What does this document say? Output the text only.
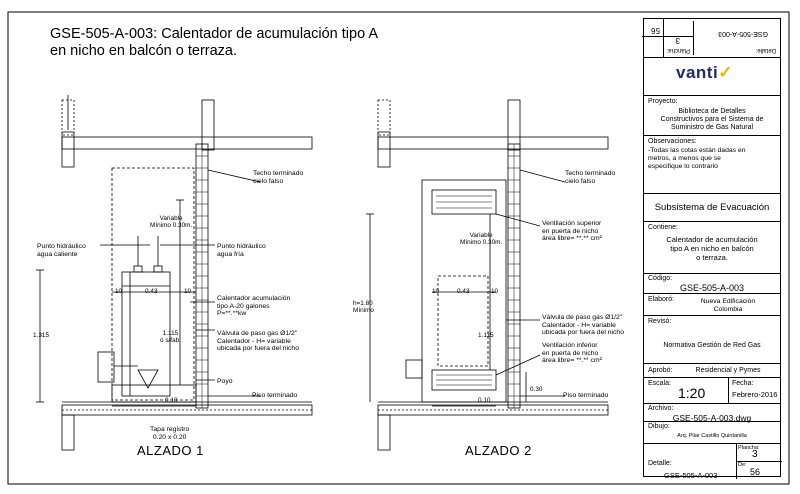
GSE-505-A-003: Calentador de acumulación tipo A en nicho en balcón o terraza.
Techo terminado
cielo falso
Variable
Mínimo 0.30m.
Punto hidráulico
agua caliente
Punto hidráulico
agua fría
10	0.43	10
Calentador acumulación
tipo A-20 galones
P=**.**kw
Válvula de paso gas Ø1/2"
Calentador - H= variable
ubicada por fuera del nicho
1.115
ó s/fab.
1.315
Poyo
Piso terminado
0.10
Tapa registro
0.20 x 0.20
ALZADO 1
Techo terminado
cielo falso
Ventilación superior
en puerta de nicho
área libre= **.** cm²
Variable
Mínimo 0.30m.
h=1.80
Mínimo
10	0.43	10
Válvula de paso gas Ø1/2"
Calentador - H= variable
ubicada por fuera del nicho
1.115
Ventilación inferior
en puerta de nicho
área libre= **.** cm²
0.30
Piso terminado
0.10
ALZADO 2
56
Plancha:
3
Detalle:
GSE-505-A-003
Proyecto:
Biblioteca de Detalles
Constructivos para el Sistema de
Suministro de Gas Natural
Observaciones:
-Todas las cotas están dadas en
metros, a menos que se
especifique lo contrario
Subsistema de Evacuación
Contiene:
Calentador de acumulación
tipo A en nicho en balcón
o terraza.
Código:
GSE-505-A-003
Elaboró:	Nueva Edificación
Colombia
Revisó:
Normativa Gestión de Red Gas
Aprobó:	Residencial y Pymes
Escala:
1:20
Fecha:
Febrero-2016
Archivo:
GSE-505-A-003.dwg
Dibujo:
Arq. Pilar Castillo Quintanilla
Detalle:
GSE-505-A-003
Plancha:
3
De:
56
vanti✓
